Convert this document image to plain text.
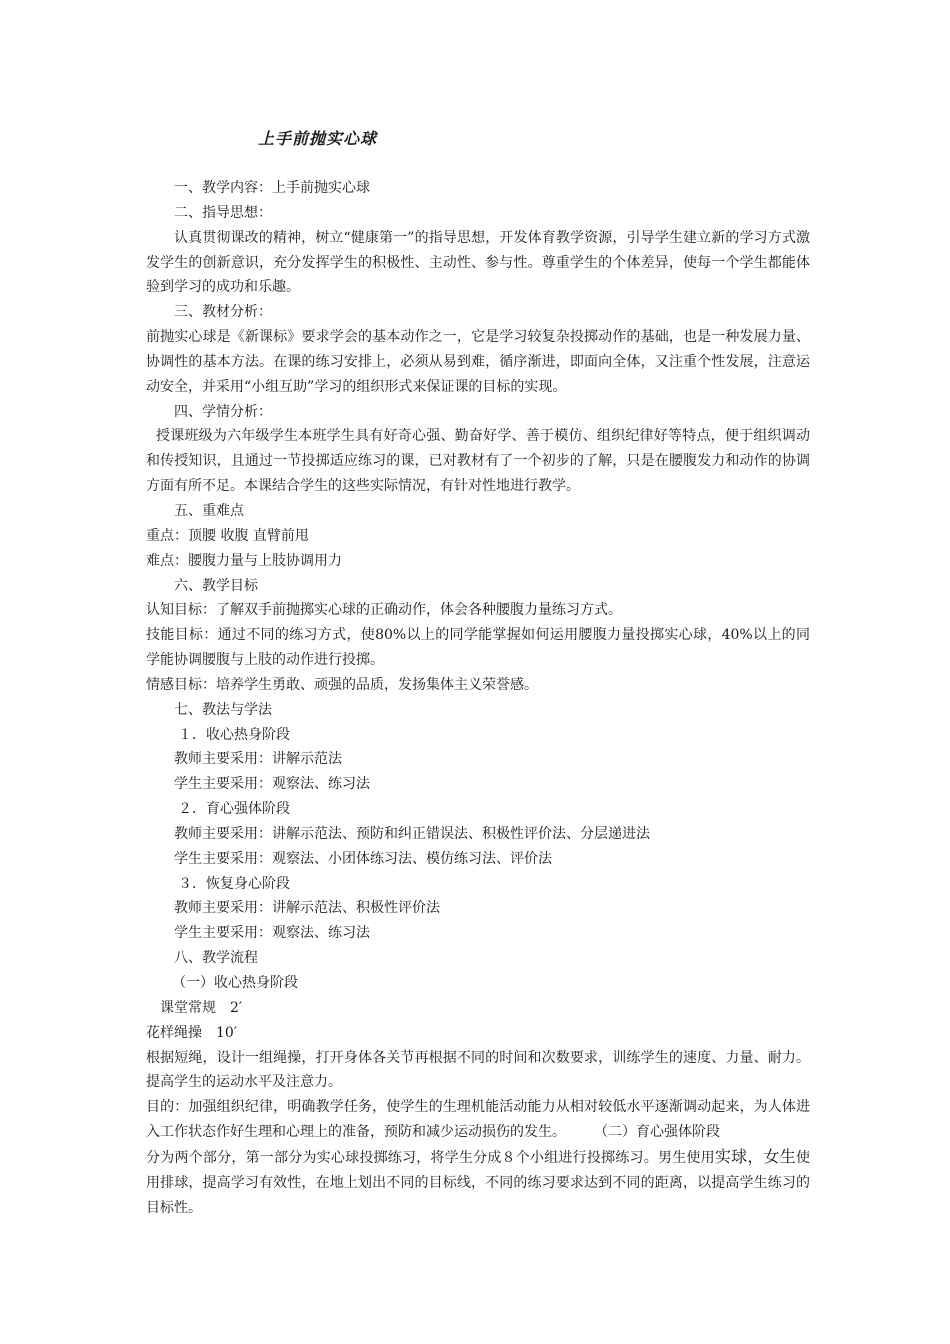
上手前抛实心球
一、教学内容：上手前抛实心球
二、指导思想：
认真贯彻课改的精神，树立“健康第一”的指导思想，开发体育教学资源，引导学生建立新的学习方式激发学生的创新意识，充分发挥学生的积极性、主动性、参与性。尊重学生的个体差异，使每一个学生都能体验到学习的成功和乐趣。
三、教材分析：
前抛实心球是《新课标》要求学会的基本动作之一，它是学习较复杂投掷动作的基础，也是一种发展力量、协调性的基本方法。在课的练习安排上，必须从易到难，循序渐进，即面向全体，又注重个性发展，注意运动安全，并采用“小组互助”学习的组织形式来保证课的目标的实现。
四、学情分析：
授课班级为六年级学生本班学生具有好奇心强、勤奋好学、善于模仿、组织纪律好等特点，便于组织调动和传授知识，且通过一节投掷适应练习的课，已对教材有了一个初步的了解，只是在腰腹发力和动作的协调方面有所不足。本课结合学生的这些实际情况，有针对性地进行教学。
五、重难点
重点：顶腰 收腹 直臂前甩
难点：腰腹力量与上肢协调用力
六、教学目标
认知目标：了解双手前抛掷实心球的正确动作，体会各种腰腹力量练习方式。
技能目标：通过不同的练习方式，使80%以上的同学能掌握如何运用腰腹力量投掷实心球，40%以上的同学能协调腰腹与上肢的动作进行投掷。
情感目标：培养学生勇敢、顽强的品质，发扬集体主义荣誉感。
七、教法与学法
１．收心热身阶段
教师主要采用：讲解示范法
学生主要采用：观察法、练习法
２．育心强体阶段
教师主要采用：讲解示范法、预防和纠正错误法、积极性评价法、分层递进法
学生主要采用：观察法、小团体练习法、模仿练习法、评价法
３．恢复身心阶段
教师主要采用：讲解示范法、积极性评价法
学生主要采用：观察法、练习法
八、教学流程
（一）收心热身阶段
课堂常规　2′
花样绳操　10′
根据短绳，设计一组绳操，打开身体各关节再根据不同的时间和次数要求，训练学生的速度、力量、耐力。提高学生的运动水平及注意力。
目的：加强组织纪律，明确教学任务，使学生的生理机能活动能力从相对较低水平逐渐调动起来，为人体进入工作状态作好生理和心理上的准备，预防和减少运动损伤的发生。　　　（二）育心强体阶段
分为两个部分，第一部分为实心球投掷练习，将学生分成８个小组进行投掷练习。男生使用实球，女生使用排球，提高学习有效性，在地上划出不同的目标线，不同的练习要求达到不同的距离，以提高学生练习的目标性。
